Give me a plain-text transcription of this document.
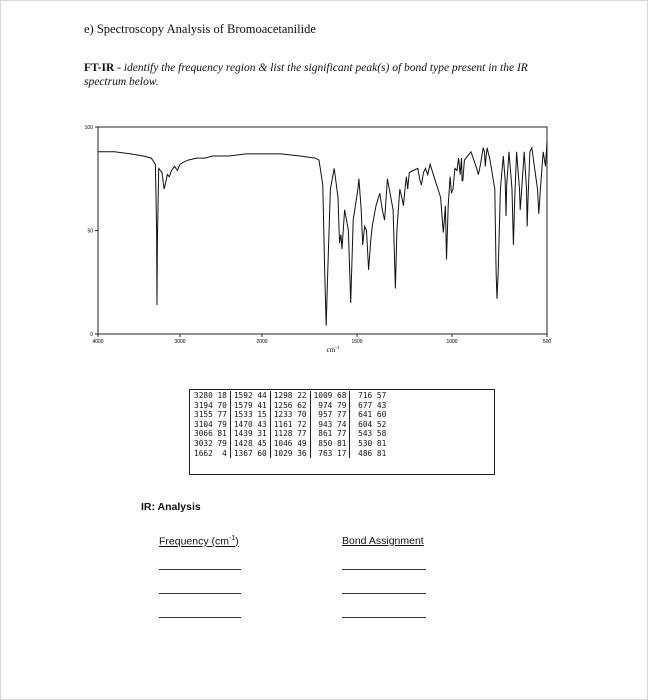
e) Spectroscopy Analysis of Bromoacetanilide
FT-IR - identify the frequency region & list the significant peak(s) of bond type present in the IR spectrum below.
100
50
0
4000	3000	2000	1500	1000	500
$cm^{-1}$
3280 18	1592 44	1298 22	1009 68	716 57
3194 70	1579 41	1256 62	974 79	677 43
3155 77	1533 15	1233 70	957 77	641 60
3104 79	1470 43	1161 72	943 74	604 52
3066 81	1439 31	1128 77	861 77	543 58
3032 79	1428 45	1046 49	850 81	530 81
1662  4	1367 60	1029 36	763 17	486 81
IR: Analysis
Frequency $(cm^{-1})$	Bond Assignment
